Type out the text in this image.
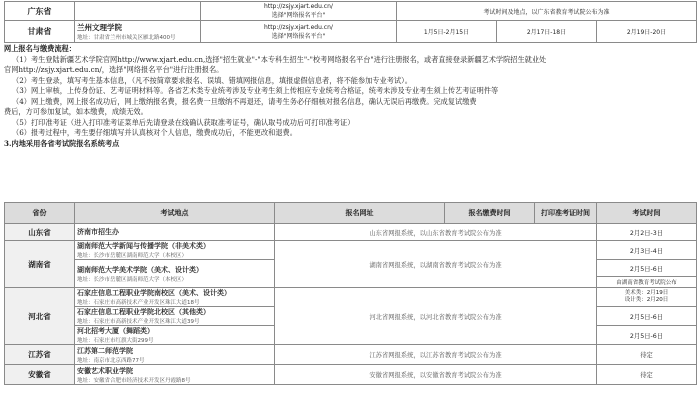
广东省		http://zsjy.xjart.edu.cn/
选择"网络报名平台"	考试时间及地点，以广东省教育考试院公布为准		
甘肃省	兰州文理学院
地址：甘肃省兰州市城关区雁北路400号	http://zsjy.xjart.edu.cn/
选择"网络报名平台"	1月5日-2月15日	2月17日-18日	2月19日-20日

网上报名与缴费流程：

（1）考生登陆新疆艺术学院官网http://www.xjart.edu.cn,选择"招生就业"-"本专科生招生"-"校考网络报名平台"进行注册报名，或者直接登录新疆艺术学院招生就业处

官网http://zsjy.xjart.edu.cn/，选择"网络报名平台"进行注册报名。

（2）考生登录，填写考生基本信息，（凡不按简章要求报名、误填、错填网报信息，填报虚假信息者，将不能参加专业考试）。

（3）网上审核，上传身份证、艺考证明材料等。各省艺术类专业统考涉及专业考生须上传相应专业统考合格证，统考未涉及专业考生须上传艺考证明件等

（4）网上缴费，网上报名成功后，网上缴纳报名费，报名费一旦缴纳不再退还，请考生务必仔细核对报名信息，确认无误后再缴费。完成复试缴费

费后，方可参加复试，如本缴费，成绩无效。

（5）打印准考证（进入打印准考证菜单后先请登录在线确认获取准考证号，确认取号成功后可打印准考证）

（6）报考过程中，考生要仔细填写并认真核对个人信息，缴费成功后，不能更改和退费。

3.内地采用各省考试院报名系统考点

省份	考试地点	报名网址	报名缴费时间	打印准考证时间	考试时间
山东省	济南市招生办	山东省网报系统，以山东省教育考试院公布为准			2月2日-3日
湖南省	湖南师范大学新闻与传播学院（非美术类）
地址：长沙市岳麓区湖南师范大学（本校区）	湖南省网报系统，以湖南省教育考试院公布为准			2月3日-4日
	湖南师范大学美术学院（美术、设计类）
地址：长沙市岳麓区湖南师范大学（本校区）				2月5日-6日
					由湖南省教育考试院公布
河北省	石家庄信息工程职业学院南校区（美术、设计类）
地址：石家庄市高新技术产业开发区珠江大道18号	河北省网报系统，以河北省教育考试院公布为准			美术类：2月19日
设计类：2月20日
	石家庄信息工程职业学院北校区（其他类）
地址：石家庄市高新技术产业开发区珠江大道39号				2月5日-6日
	河北招考大厦（舞蹈类）
地址：石家庄市红旗大街299号				2月5日-6日
江苏省	江苏第二师范学院
地址：南京市北京西路77号	江苏省网报系统，以江苏省教育考试院公布为准			待定
安徽省	安徽艺术职业学院
地址：安徽省合肥市经济技术开发区丹霞路8号	安徽省网报系统，以安徽省教育考试院公布为准			待定
